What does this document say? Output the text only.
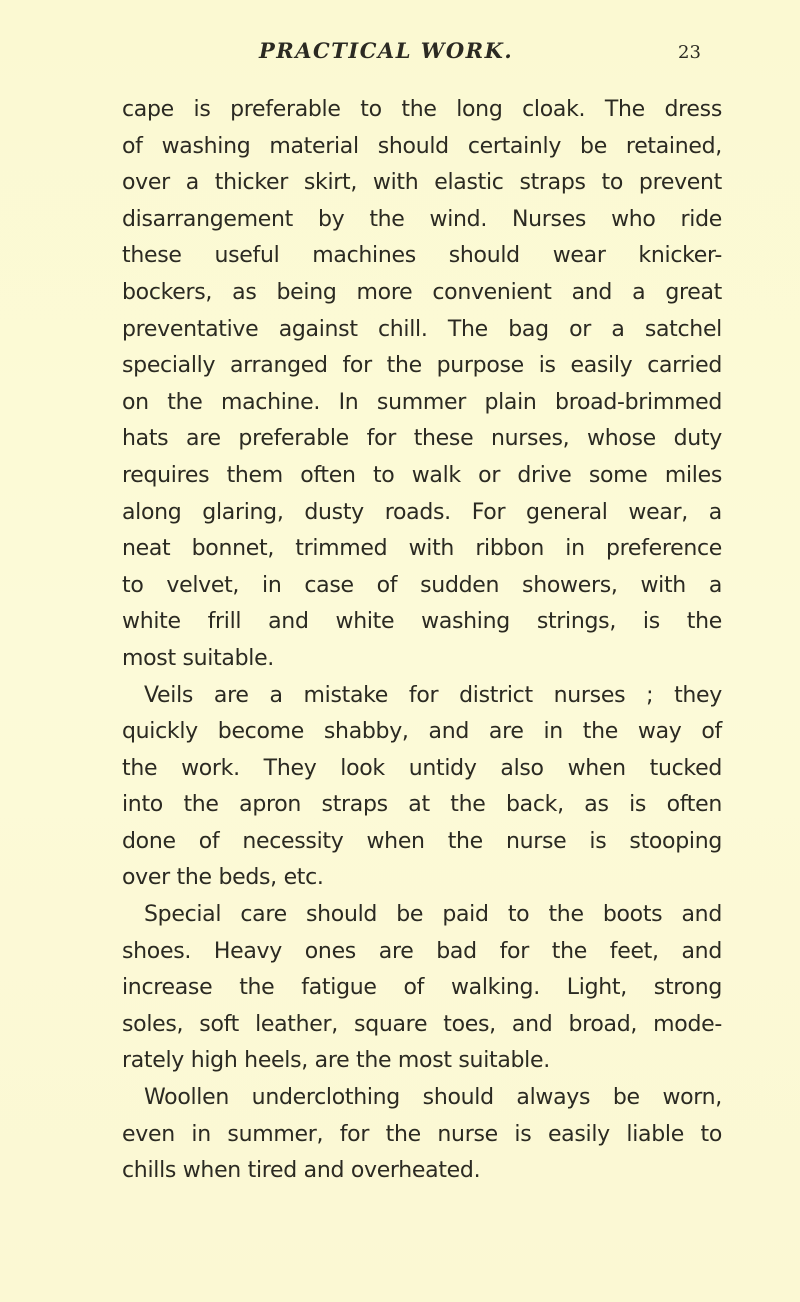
PRACTICAL WORK.	23
cape is preferable to the long cloak. The dress
of washing material should certainly be retained,
over a thicker skirt, with elastic straps to prevent
disarrangement by the wind. Nurses who ride
these useful machines should wear knicker-
bockers, as being more convenient and a great
preventative against chill. The bag or a satchel
specially arranged for the purpose is easily carried
on the machine. In summer plain broad-brimmed
hats are preferable for these nurses, whose duty
requires them often to walk or drive some miles
along glaring, dusty roads. For general wear, a
neat bonnet, trimmed with ribbon in preference
to velvet, in case of sudden showers, with a
white frill and white washing strings, is the
most suitable.
Veils are a mistake for district nurses ; they
quickly become shabby, and are in the way of
the work. They look untidy also when tucked
into the apron straps at the back, as is often
done of necessity when the nurse is stooping
over the beds, etc.
Special care should be paid to the boots and
shoes. Heavy ones are bad for the feet, and
increase the fatigue of walking. Light, strong
soles, soft leather, square toes, and broad, mode-
rately high heels, are the most suitable.
Woollen underclothing should always be worn,
even in summer, for the nurse is easily liable to
chills when tired and overheated.
